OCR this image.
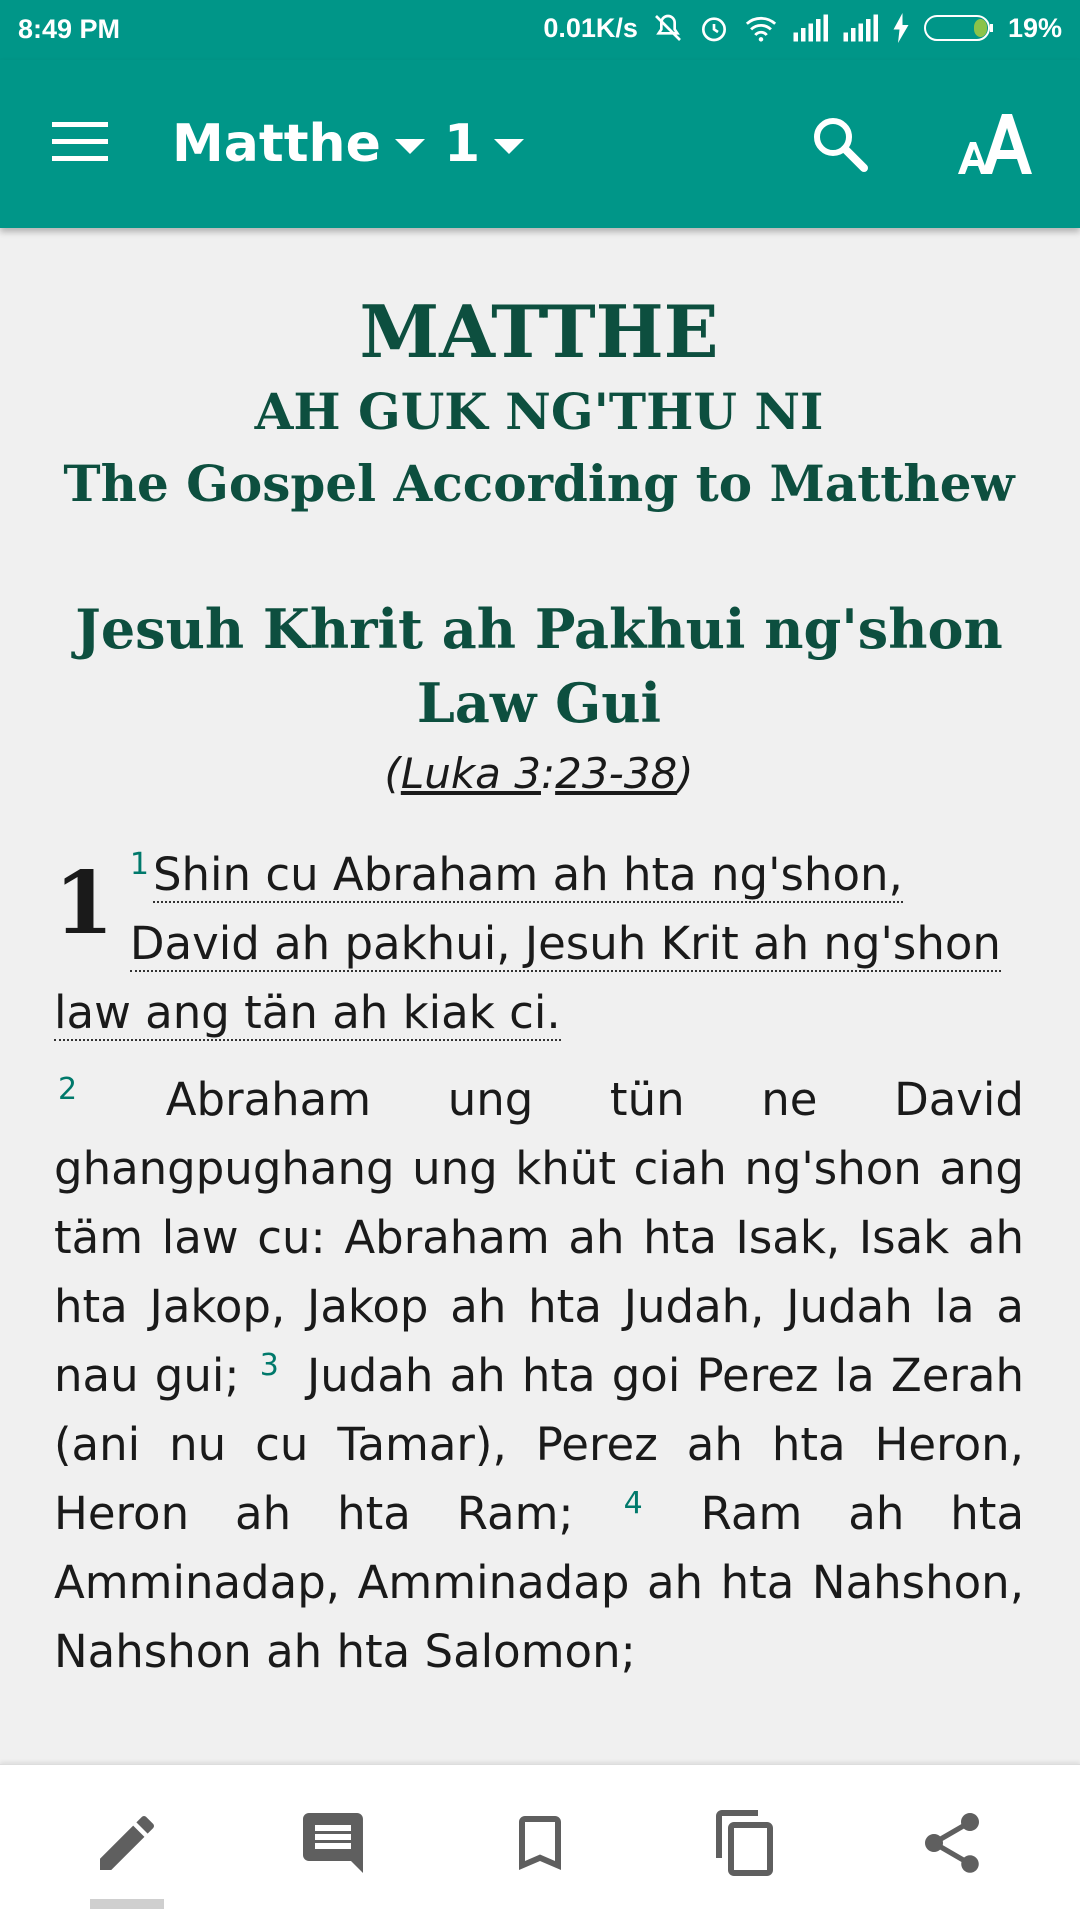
8:49 PM	0.01K/s	19%
Matthe 1
MATTHE
AH GUK NG'THU NI
The Gospel According to Matthew
Jesuh Khrit ah Pakhui ng'shon Law Gui
(Luka 3:23-38)
1 $^1$Shin cu Abraham ah hta ng'shon, David ah pakhui, Jesuh Krit ah ng'shon law ang tän ah kiak ci.
$^2$ Abraham ung tün ne David ghangpughang ung khüt ciah ng'shon ang täm law cu: Abraham ah hta Isak, Isak ah hta Jakop, Jakop ah hta Judah, Judah la a nau gui; $^3$ Judah ah hta goi Perez la Zerah (ani nu cu Tamar), Perez ah hta Heron, Heron ah hta Ram; $^4$ Ram ah hta Amminadap, Amminadap ah hta Nahshon, Nahshon ah hta Salomon;
